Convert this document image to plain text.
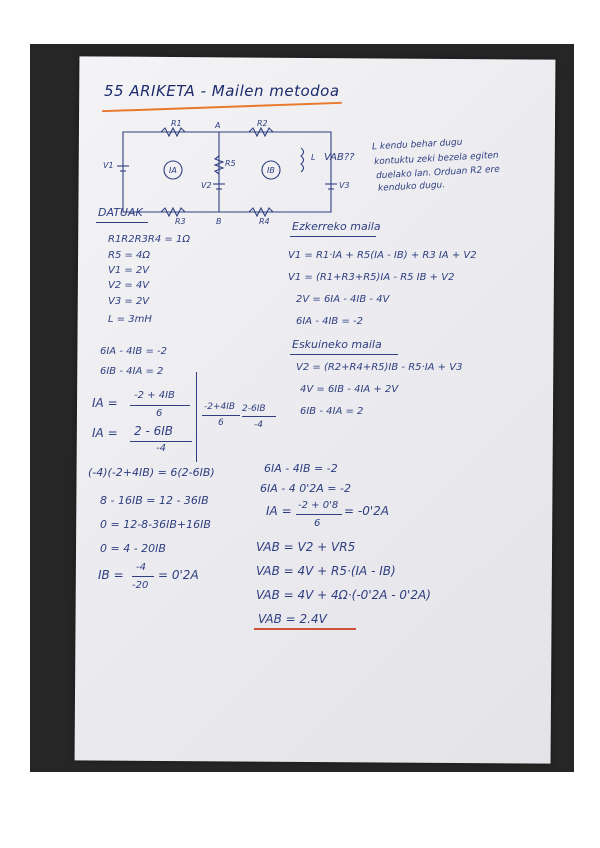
55 ARIKETA - Mailen metodoa
R1	A	R2
V1
IA
R5
IB
L
V2	V3
R3	B	R4
VAB??
L kendu behar dugu
kontuktu zeki bezela egiten
duelako lan. Orduan R2 ere
kenduko dugu.
DATUAK
R1R2R3R4 = 1Ω
R5 = 4Ω
V1 = 2V
V2 = 4V
V3 = 2V
L = 3mH
6IA - 4IB = -2
6IB - 4IA = 2
IA =
-2 + 4IB
6
IA = 2 - 6IB
-4
-2+4IB
6
2-6IB
-4
(-4)(-2+4IB) = 6(2-6IB)
8 - 16IB = 12 - 36IB
0 = 12-8-36IB+16IB
0 = 4 - 20IB
IB =
-4
-20
= 0'2A
Ezkerreko maila
V1 = R1·IA + R5(IA - IB) + R3 IA + V2
V1 = (R1+R3+R5)IA - R5 IB + V2
2V = 6IA - 4IB - 4V
6IA - 4IB = -2
Eskuineko maila
V2 = (R2+R4+R5)IB - R5·IA + V3
4V = 6IB - 4IA + 2V
6IB - 4IA = 2
6IA - 4IB = -2
6IA - 4 0'2A = -2
IA = -2 + 0'8
6
= -0'2A
VAB = V2 + VR5
VAB = 4V + R5·(IA - IB)
VAB = 4V + 4Ω·(-0'2A - 0'2A)
VAB = 2.4V
